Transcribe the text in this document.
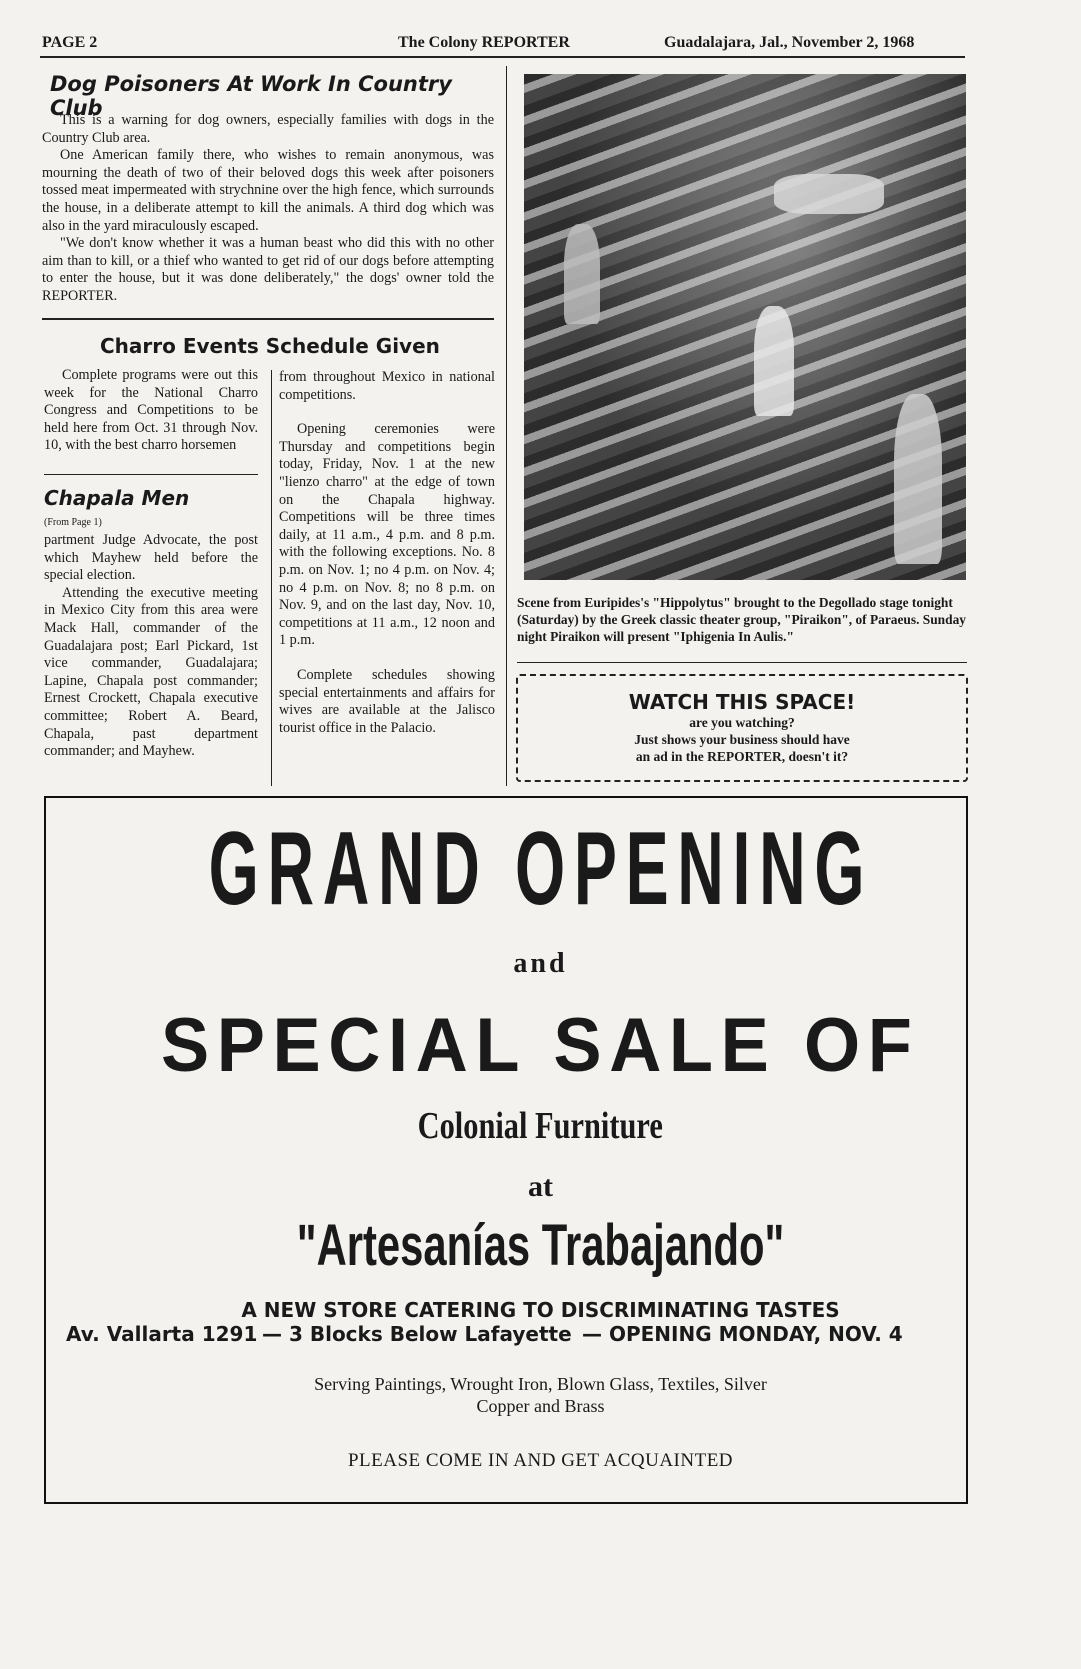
PAGE 2	The Colony REPORTER	Guadalajara, Jal., November 2, 1968
Dog Poisoners At Work In Country Club

This is a warning for dog owners, especially families with dogs in the Country Club area.

One American family there, who wishes to remain anonymous, was mourning the death of two of their beloved dogs this week after poisoners tossed meat impermeated with strychnine over the high fence, which surrounds the house, in a deliberate attempt to kill the animals. A third dog which was also in the yard miraculously escaped.

"We don't know whether it was a human beast who did this with no other aim than to kill, or a thief who wanted to get rid of our dogs before attempting to enter the house, but it was done deliberately," the dogs' owner told the REPORTER.

Charro Events Schedule Given

Complete programs were out this week for the National Charro Congress and Competitions to be held here from Oct. 31 through Nov. 10, with the best charro horsemen

from throughout Mexico in national competitions.

Opening ceremonies were Thursday and competitions begin today, Friday, Nov. 1 at the new "lienzo charro" at the edge of town on the Chapala highway. Competitions will be three times daily, at 11 a.m., 4 p.m. and 8 p.m. with the following exceptions. No. 8 p.m. on Nov. 1; no 4 p.m. on Nov. 4; no 4 p.m. on Nov. 8; no 8 p.m. on Nov. 9, and on the last day, Nov. 10, competitions at 11 a.m., 12 noon and 1 p.m.

Complete schedules showing special entertainments and affairs for wives are available at the Jalisco tourist office in the Palacio.

Chapala Men
(From Page 1)

partment Judge Advocate, the post which Mayhew held before the special election.

Attending the executive meeting in Mexico City from this area were Mack Hall, commander of the Guadalajara post; Earl Pickard, 1st vice commander, Guadalajara; Lapine, Chapala post commander; Ernest Crockett, Chapala executive committee; Robert A. Beard, Chapala, past department commander; and Mayhew.

Scene from Euripides's "Hippolytus" brought to the Degollado stage tonight (Saturday) by the Greek classic theater group, "Piraikon", of Paraeus. Sunday night Piraikon will present "Iphigenia In Aulis."
WATCH THIS SPACE!
are you watching?
Just shows your business should have
an ad in the REPORTER, doesn't it?
GRAND OPENING
and
SPECIAL SALE OF
Colonial Furniture
at
"Artesanías Trabajando"
A NEW STORE CATERING TO DISCRIMINATING TASTES
Av. Vallarta 1291 — 3 Blocks Below Lafayette — OPENING MONDAY, NOV. 4
Serving Paintings, Wrought Iron, Blown Glass, Textiles, Silver
Copper and Brass
PLEASE COME IN AND GET ACQUAINTED
